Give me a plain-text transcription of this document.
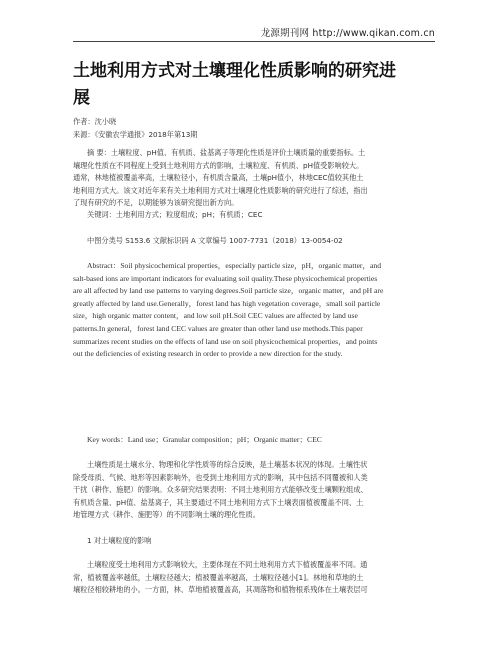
龙源期刊网 http://www.qikan.com.cn
土地利用方式对土壤理化性质影响的研究进
展
作者：沈小晓
来源：《安徽农学通报》2018年第13期
摘 要：土壤粒度、pH值、有机质、盐基离子等理化性质是评价土壤质量的重要指标。土
壤理化性质在不同程度上受到土地利用方式的影响，土壤粒度、有机质、pH值受影响较大。
通常，林地植被覆盖率高，土壤粒径小，有机质含量高，土壤pH值小，林地CEC值较其他土
地利用方式大。该文对近年来有关土地利用方式对土壤理化性质影响的研究进行了综述，指出
了现有研究的不足，以期能够为该研究提出新方向。
关键词：土地利用方式；粒度组成；pH；有机质；CEC
中图分类号 S153.6 文献标识码 A 文章编号 1007-7731（2018）13-0054-02
Abstract：Soil physicochemical properties，especially particle size，pH，organic matter，and
salt-based ions are important indicators for evaluating soil quality.These physicochemical properties
are all affected by land use patterns to varying degrees.Soil particle size，organic matter，and pH are
greatly affected by land use.Generally，forest land has high vegetation coverage，small soil particle
size，high organic matter content，and low soil pH.Soil CEC values are affected by land use
patterns.In general，forest land CEC values are greater than other land use methods.This paper
summarizes recent studies on the effects of land use on soil physicochemical properties，and points
out the deficiencies of existing research in order to provide a new direction for the study.
Key words：Land use；Granular composition；pH；Organic matter；CEC
土壤性质是土壤水分、物理和化学性质等的综合反映，是土壤基本状况的体现。土壤性状
除受母质、气候、地形等因素影响外，也受到土地利用方式的影响，其中包括不同覆被和人类
干扰（耕作、施肥）的影响。众多研究结果表明：不同土地利用方式能够改变土壤颗粒组成、
有机质含量、pH值、盐基离子，其主要通过不同土地利用方式下土壤表面植被覆盖不同、土
地管理方式（耕作、施肥等）的不同影响土壤的理化性质。
1 对土壤粒度的影响
土壤粒度受土地利用方式影响较大，主要体现在不同土地利用方式下植被覆盖率不同。通
常，植被覆盖率越低，土壤粒径越大；植被覆盖率越高，土壤粒径越小[1]。林地和草地的土
壤粒径相较耕地的小。一方面，林、草地植被覆盖高，其凋落物和植物根系残体在土壤表层可
